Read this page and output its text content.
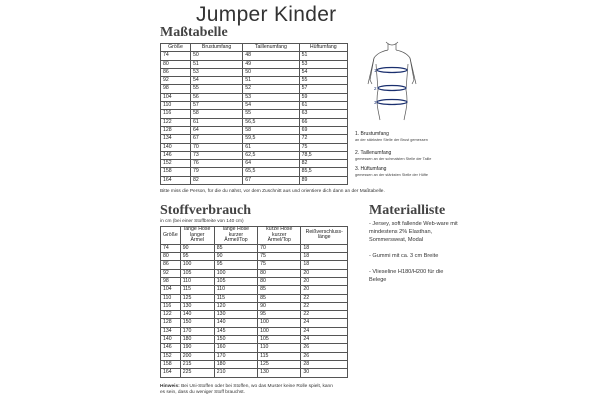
Jumper Kinder
Maßtabelle
Größe	Brustumfang	Taillenumfang	Hüftumfang
74	50	48	51
80	51	49	53
86	53	50	54
92	54	51	55
98	55	52	57
104	56	53	59
110	57	54	61
116	58	55	63
122	61	56,5	66
128	64	58	69
134	67	59,5	72
140	70	61	75
146	73	62,5	78,5
152	76	64	82
158	79	65,5	85,5
164	82	67	89
Bitte miss die Person, für die du nähst, vor dem Zuschnitt aus und orientiere dich dann an der Maßtabelle.
1
2
3
1. Brustumfang
an der stärksten Stelle der Brust gemessen
2. Taillenumfang
gemessen an der schmalsten Stelle der Taille
3. Hüftumfang
gemessen an der stärksten Stelle der Hüfte
Stoffverbrauch
in cm (bei einer Stoffbreite von 140 cm)
Größe	lange Hose langer Ärmel	lange Hose kurzer Ärmel/Top	kurze Hose kurzer Ärmel/Top	Reißverschluss-länge
74	90	85	70	18
80	95	90	75	18
86	100	95	75	18
92	105	100	80	20
98	110	105	80	20
104	115	110	85	20
110	125	115	85	22
116	130	120	90	22
122	140	130	95	22
128	150	140	100	24
134	170	145	100	24
140	180	150	105	24
146	190	160	110	26
152	200	170	115	26
158	215	180	125	28
164	225	210	130	30
Hinweis: Bei Uni-Stoffen oder bei Stoffen, wo das Muster keine Rolle spielt, kann
es sein, dass du weniger Stoff brauchst.
Materialliste

- Jersey, soft fallende Web-ware mit mindestens 2% Elasthan, Sommersweat, Modal

- Gummi mit ca. 3 cm Breite

- Vlieseline H180/H200 für die Belege
